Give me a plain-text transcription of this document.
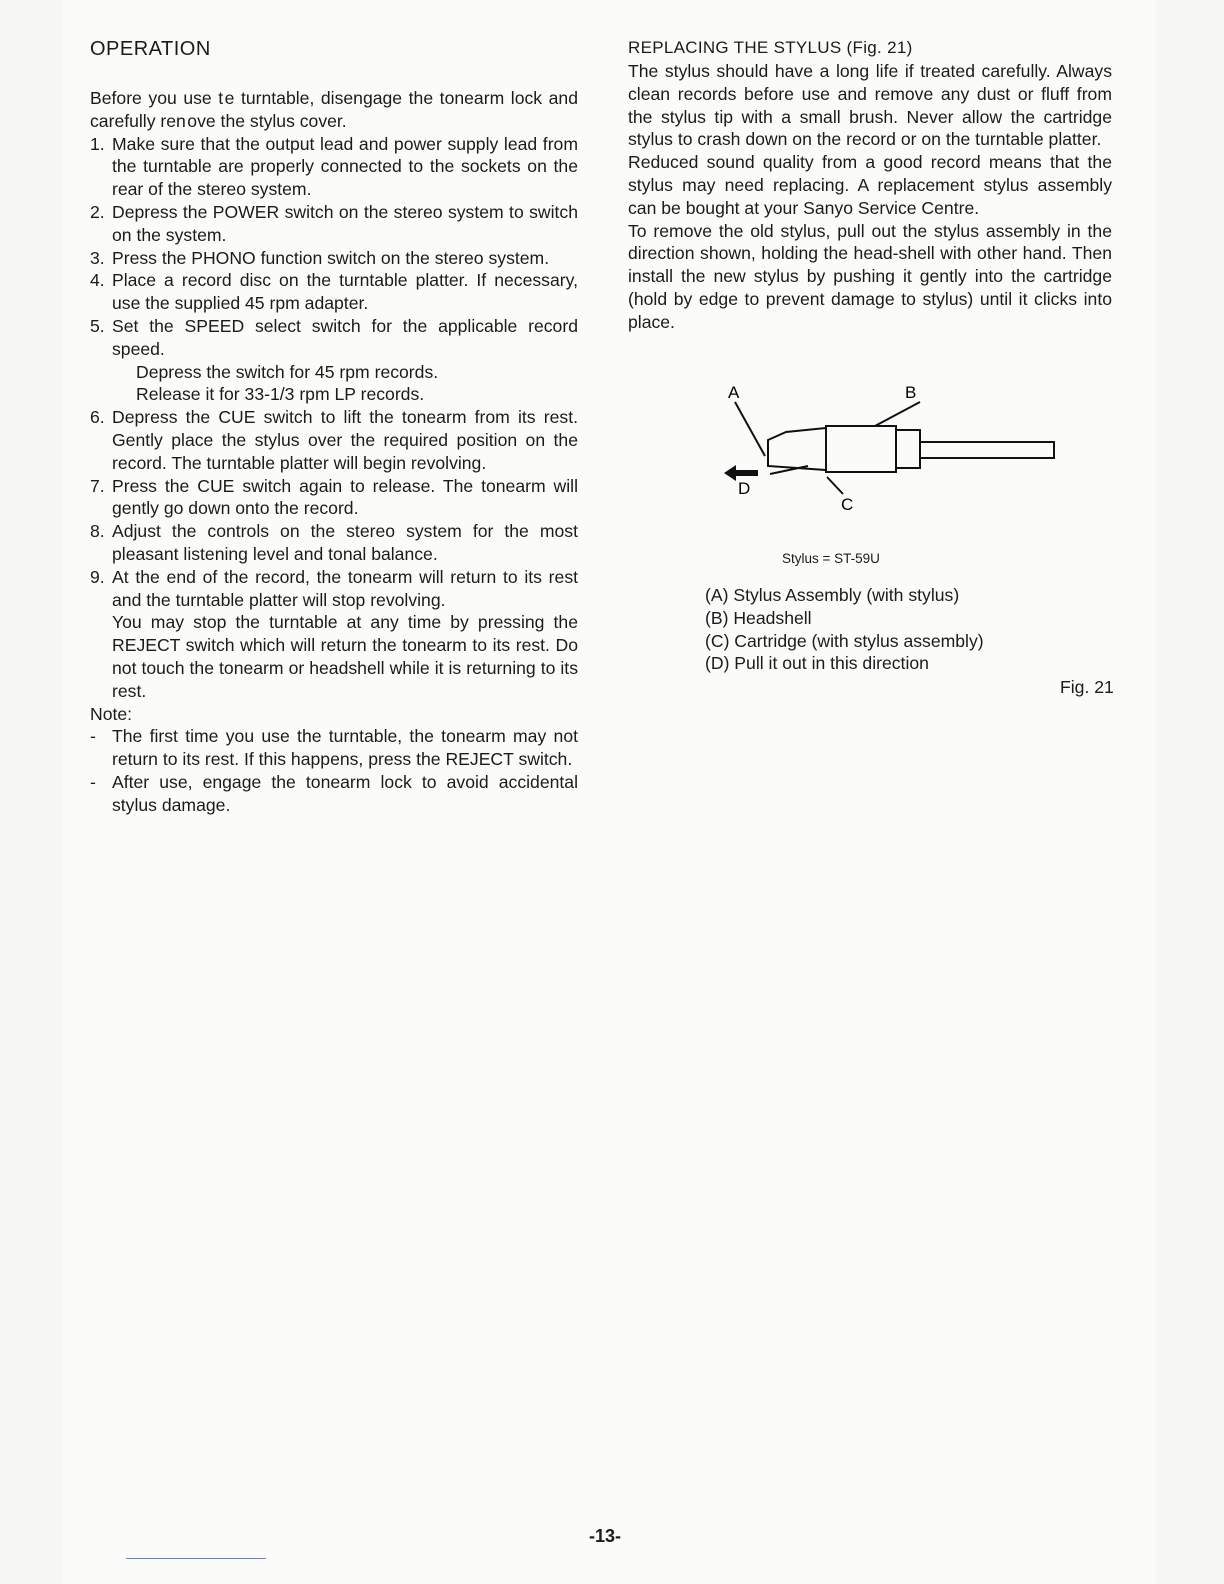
OPERATION

Before you use t e turntable, disengage the tonearm lock and carefully ren ove the stylus cover.

1. Make sure that the output lead and power supply lead from the turntable are properly connected to the sockets on the rear of the stereo system.
2. Depress the POWER switch on the stereo system to switch on the system.
3. Press the PHONO function switch on the stereo system.
4. Place a record disc on the turntable platter. If necessary, use the supplied 45 rpm adapter.
5. Set the SPEED select switch for the applicable record speed.
Depress the switch for 45 rpm records.
Release it for 33-1/3 rpm LP records.
6. Depress the CUE switch to lift the tonearm from its rest. Gently place the stylus over the required position on the record. The turntable platter will begin revolving.
7. Press the CUE switch again to release. The tonearm will gently go down onto the record.
8. Adjust the controls on the stereo system for the most pleasant listening level and tonal balance.
9. At the end of the record, the tonearm will return to its rest and the turntable platter will stop revolving.
You may stop the turntable at any time by pressing the REJECT switch which will return the tonearm to its rest. Do not touch the tonearm or headshell while it is returning to its rest.
Note:
- The first time you use the turntable, the tonearm may not return to its rest. If this happens, press the REJECT switch.
- After use, engage the tonearm lock to avoid accidental stylus damage.
REPLACING THE STYLUS (Fig. 21)

The stylus should have a long life if treated carefully. Always clean records before use and remove any dust or fluff from the stylus tip with a small brush. Never allow the cartridge stylus to crash down on the record or on the turntable platter.

Reduced sound quality from a good record means that the stylus may need replacing. A replacement stylus assembly can be bought at your Sanyo Service Centre.

To remove the old stylus, pull out the stylus assembly in the direction shown, holding the head-shell with other hand. Then install the new stylus by pushing it gently into the cartridge (hold by edge to prevent damage to stylus) until it clicks into place.

A	B
D
C
Stylus = ST-59U
(A) Stylus Assembly (with stylus)
(B) Headshell
(C) Cartridge (with stylus assembly)
(D) Pull it out in this direction
Fig. 21
-13-
